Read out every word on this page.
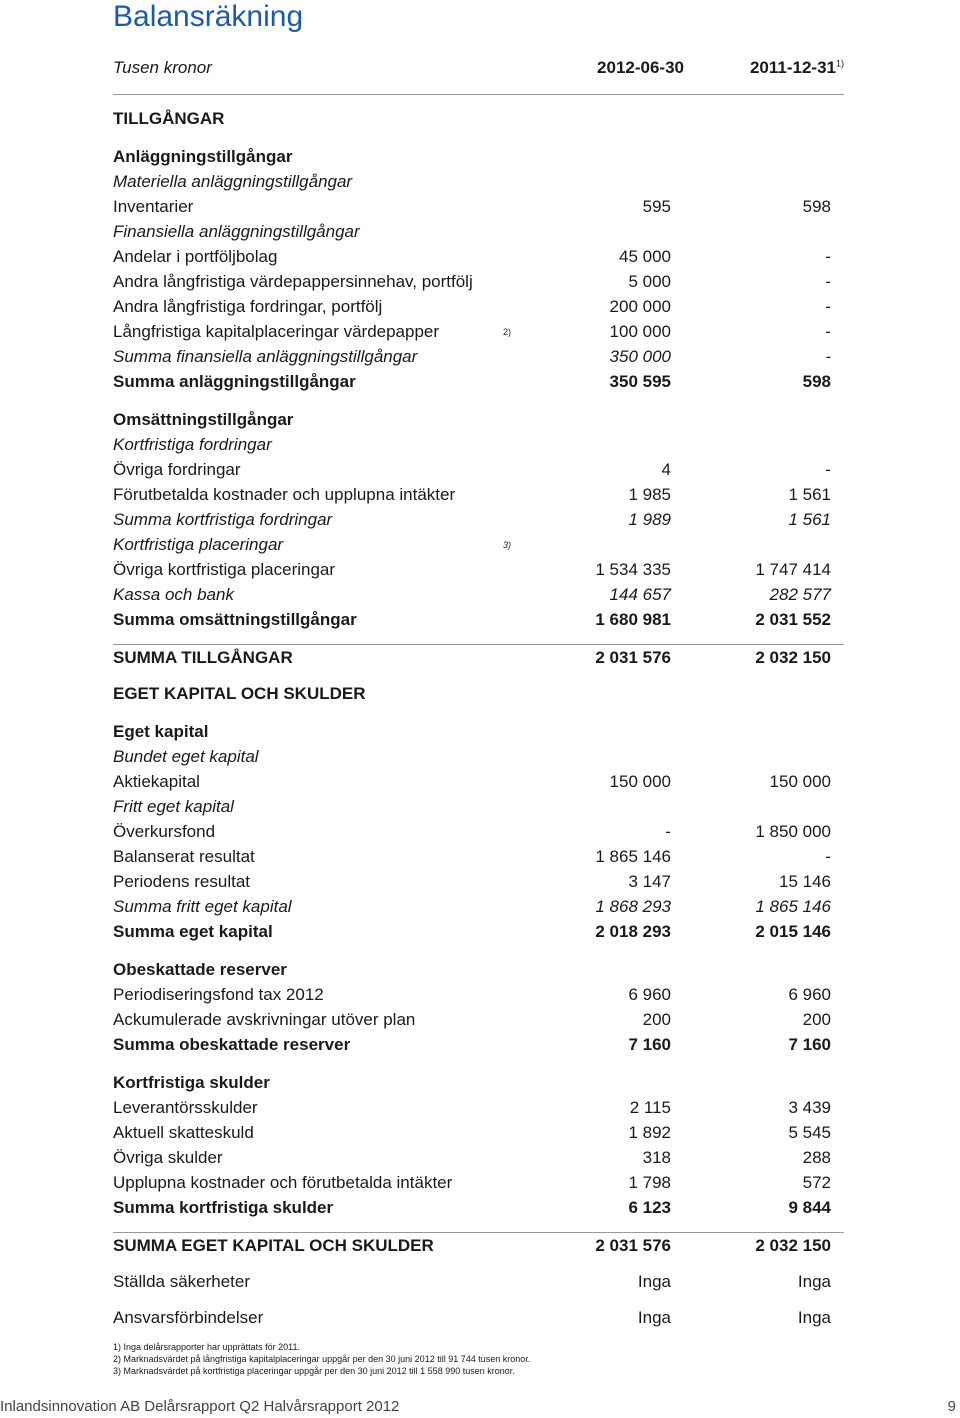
Balansräkning
Tusen kronor	2012-06-30	2011-12-31$^{1)}$
TILLGÅNGAR
Anläggningstillgångar
Materiella anläggningstillgångar
Inventarier	595	598
Finansiella anläggningstillgångar
Andelar i portföljbolag	45 000	-
Andra långfristiga värdepappersinnehav, portfölj	5 000	-
Andra långfristiga fordringar, portfölj	200 000	-
Långfristiga kapitalplaceringar värdepapper	2)	100 000	-
Summa finansiella anläggningstillgångar	350 000	-
Summa anläggningstillgångar	350 595	598
Omsättningstillgångar
Kortfristiga fordringar
Övriga fordringar	4	-
Förutbetalda kostnader och upplupna intäkter	1 985	1 561
Summa kortfristiga fordringar	1 989	1 561
Kortfristiga placeringar	3)
Övriga kortfristiga placeringar	1 534 335	1 747 414
Kassa och bank	144 657	282 577
Summa omsättningstillgångar	1 680 981	2 031 552
SUMMA TILLGÅNGAR	2 031 576	2 032 150
EGET KAPITAL OCH SKULDER
Eget kapital
Bundet eget kapital
Aktiekapital	150 000	150 000
Fritt eget kapital
Överkursfond	-	1 850 000
Balanserat resultat	1 865 146	-
Periodens resultat	3 147	15 146
Summa fritt eget kapital	1 868 293	1 865 146
Summa eget kapital	2 018 293	2 015 146
Obeskattade reserver
Periodiseringsfond tax 2012	6 960	6 960
Ackumulerade avskrivningar utöver plan	200	200
Summa obeskattade reserver	7 160	7 160
Kortfristiga skulder
Leverantörsskulder	2 115	3 439
Aktuell skatteskuld	1 892	5 545
Övriga skulder	318	288
Upplupna kostnader och förutbetalda intäkter	1 798	572
Summa kortfristiga skulder	6 123	9 844
SUMMA EGET KAPITAL OCH SKULDER	2 031 576	2 032 150
Ställda säkerheter	Inga	Inga
Ansvarsförbindelser	Inga	Inga
1) Inga delårsrapporter har upprättats för 2011.
2) Marknadsvärdet på långfristiga kapitalplaceringar uppgår per den 30 juni 2012 till 91 744 tusen kronor.
3) Marknadsvärdet på kortfristiga placeringar uppgår per den 30 juni 2012 till 1 558 990 tusen kronor.
Inlandsinnovation AB Delårsrapport Q2 Halvårsrapport 2012	9
